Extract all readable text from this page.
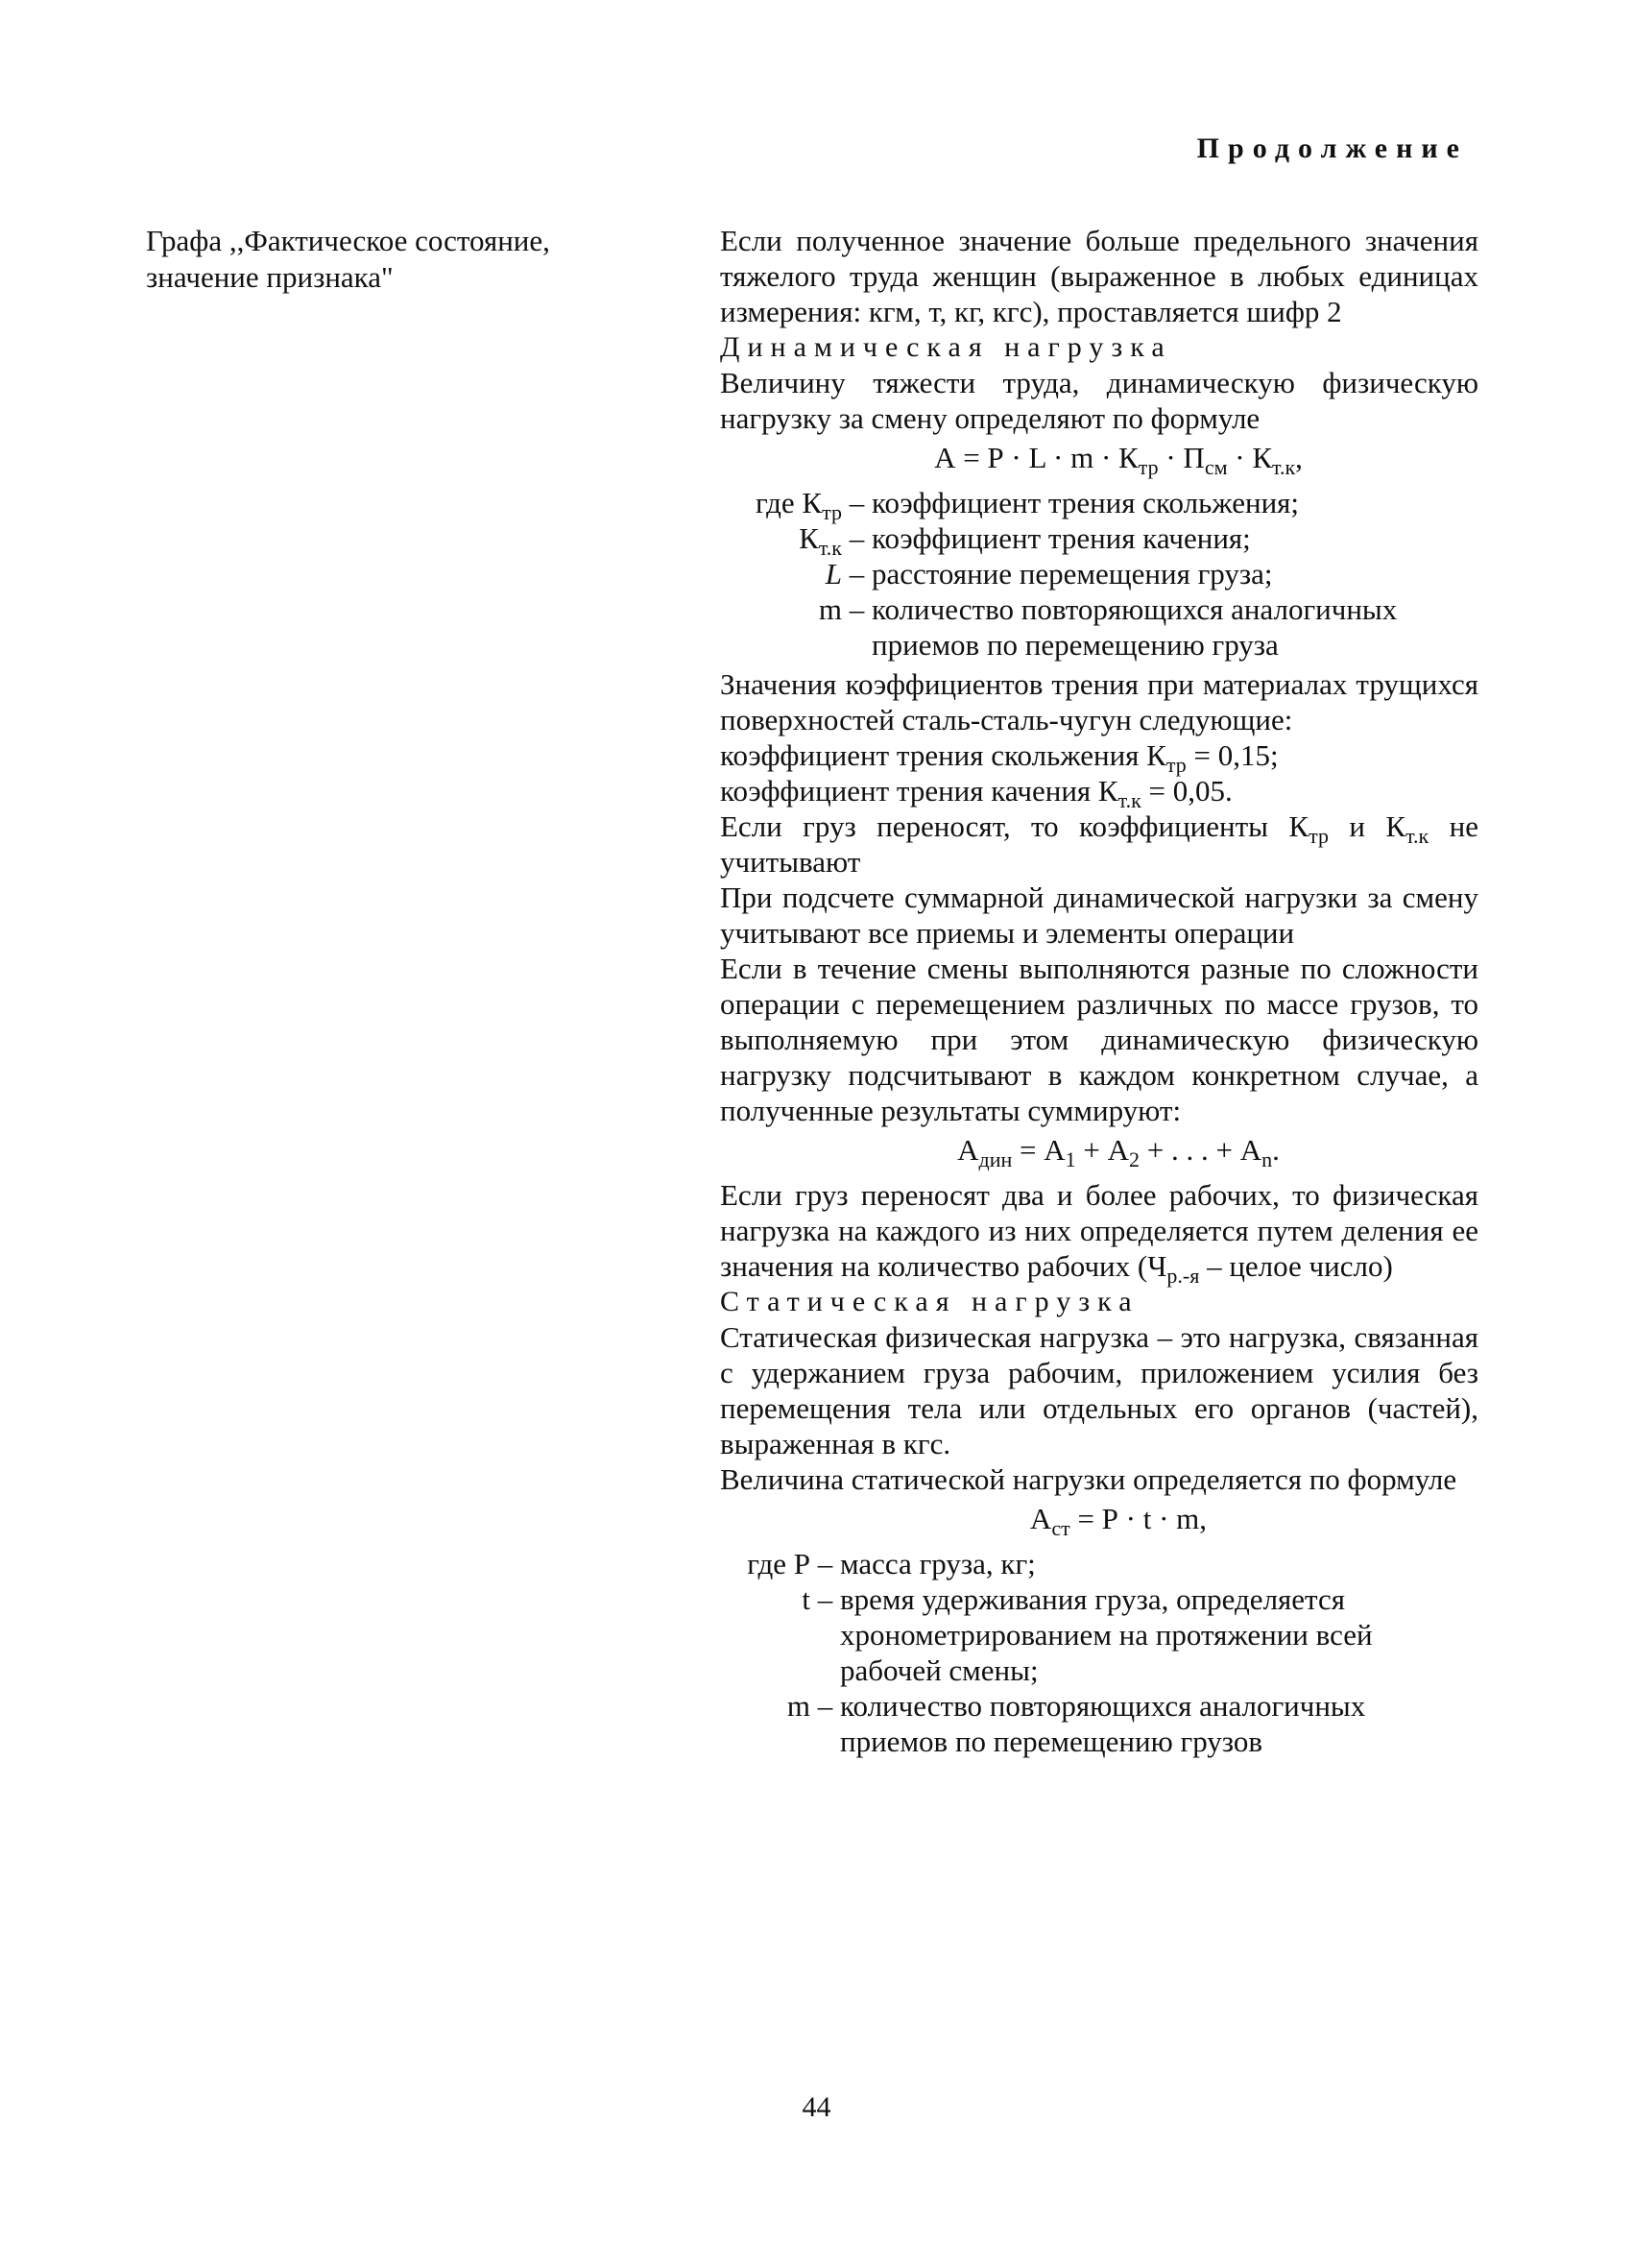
Продолжение

Графа ,,Фактическое состояние, значение признака"

Если полученное значение больше предельного значения тяжелого труда женщин (выраженное в любых единицах измерения: кгм, т, кг, кгс), проставляется шифр 2

Динамическая нагрузка

Величину тяжести труда, динамическую физическую нагрузку за смену определяют по формуле

$А = Р \cdot L \cdot m \cdot К_{тр} \cdot П_{см} \cdot К_{т.к}$,
где $К_{тр}$ – коэффициент трения скольжения;
$К_{т.к}$ – коэффициент трения качения;
L – расстояние перемещения груза;
m – количество повторяющихся аналогичных приемов по перемещению груза

Значения коэффициентов трения при материалах трущихся поверхностей сталь-сталь-чугун следующие:

коэффициент трения скольжения $К_{тр} = 0,15$;

коэффициент трения качения $К_{т.к} = 0,05$.

Если груз переносят, то коэффициенты $К_{тр}$ и $К_{т.к}$ не учитывают

При подсчете суммарной динамической нагрузки за смену учитывают все приемы и элементы операции

Если в течение смены выполняются разные по сложности операции с перемещением различных по массе грузов, то выполняемую при этом динамическую физическую нагрузку подсчитывают в каждом конкретном случае, а полученные результаты суммируют:

$А_{дин} = А_1 + А_2$ + . . . + $А_n$.

Если груз переносят два и более рабочих, то физическая нагрузка на каждого из них определяется путем деления ее значения на количество рабочих ($Ч_{р.-я}$ – целое число)

Статическая нагрузка

Статическая физическая нагрузка – это нагрузка, связанная с удержанием груза рабочим, приложением усилия без перемещения тела или отдельных его органов (частей), выраженная в кгс.

Величина статической нагрузки определяется по формуле

$А_{ст} = Р \cdot t \cdot m$,
где Р – масса груза, кг;
t – время удерживания груза, определяется хронометрированием на протяжении всей рабочей смены;
m – количество повторяющихся аналогичных приемов по перемещению грузов
44
